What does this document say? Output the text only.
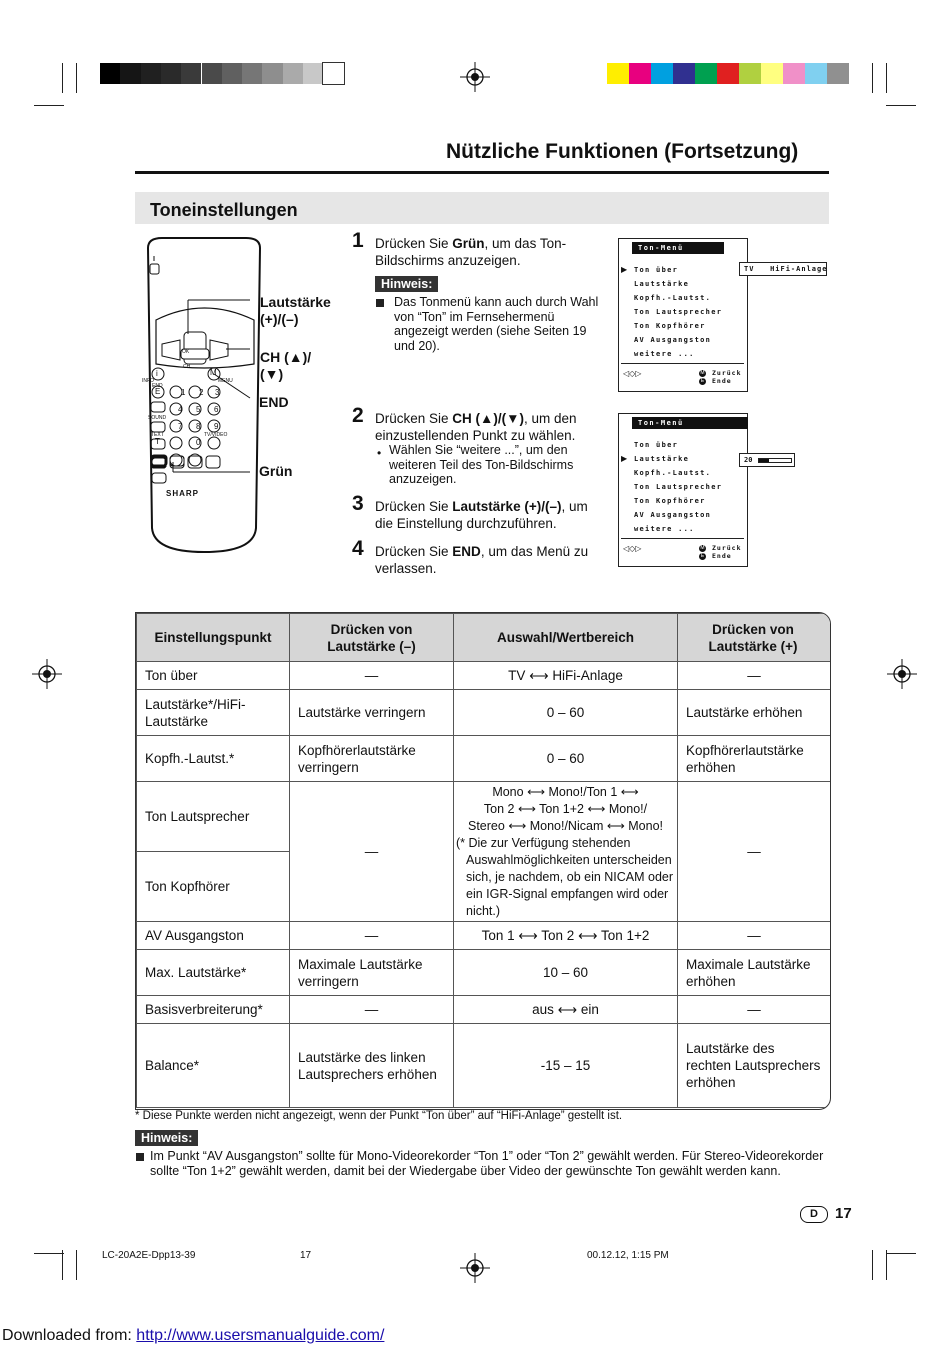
Nützliche Funktionen (Fortsetzung)
Toneinstellungen
SHARP
OK
CH
INFO
END
MENU
SOUND
TEXT	TV/VIDEO
i	M
E
T
1 2 3
4 5 6
7 8 9
0
Lautstärke
(+)/(–)
CH (▲)/
(▼)
END
Grün
1 Drücken Sie Grün, um das Ton-Bildschirms anzuzeigen.
Hinweis:
Das Tonmenü kann auch durch Wahl von “Ton” im Fernsehermenü angezeigt werden (siehe Seiten 19 und 20).
2 Drücken Sie CH (▲)/(▼), um den einzustellenden Punkt zu wählen.
• Wählen Sie “weitere ...”, um den weiteren Teil des Ton-Bildschirms anzuzeigen.
3 Drücken Sie Lautstärke (+)/(–), um die Einstellung durchzuführen.
4 Drücken Sie END, um das Menü zu verlassen.
Ton-Menü
▶ Ton über
Lautstärke
Kopfh.-Lautst.
Ton Lautsprecher
Ton Kopfhörer
AV Ausgangston
weitere ...
◁◇▷	M
E
Zurück
Ende
TV   HiFi-Anlage
Ton-Menü
Ton über
▶ Lautstärke
Kopfh.-Lautst.
Ton Lautsprecher
Ton Kopfhörer
AV Ausgangston
weitere ...
◁◇▷	M
E
Zurück
Ende
20
Einstellungspunkt	Drücken von Lautstärke (–)	Auswahl/Wertbereich	Drücken von Lautstärke (+)
Ton über	—	TV ⟷ HiFi-Anlage	—
Lautstärke*/HiFi-Lautstärke	Lautstärke verringern	0 – 60	Lautstärke erhöhen
Kopfh.-Lautst.*	Kopfhörerlautstärke verringern	0 – 60	Kopfhörerlautstärke erhöhen
Ton Lautsprecher	—	Mono ⟷ Mono!/Ton 1 ⟷
Ton 2 ⟷ Ton 1+2 ⟷ Mono!/
Stereo ⟷ Mono!/Nicam ⟷ Mono!
(* Die zur Verfügung stehenden Auswahlmöglichkeiten unterscheiden sich, je nachdem, ob ein NICAM oder ein IGR-Signal empfangen wird oder nicht.)	—
Ton Kopfhörer			
AV Ausgangston	—	Ton 1 ⟷ Ton 2 ⟷ Ton 1+2	—
Max. Lautstärke*	Maximale Lautstärke verringern	10 – 60	Maximale Lautstärke erhöhen
Basisverbreiterung*	—	aus ⟷ ein	—
Balance*	Lautstärke des linken Lautsprechers erhöhen	-15 – 15	Lautstärke des rechten Lautsprechers erhöhen
* Diese Punkte werden nicht angezeigt, wenn der Punkt “Ton über” auf “HiFi-Anlage” gestellt ist.
Hinweis:
Im Punkt “AV Ausgangston” sollte für Mono-Videorekorder “Ton 1” oder “Ton 2” gewählt werden. Für Stereo-Videorekorder sollte “Ton 1+2” gewählt werden, damit bei der Wiedergabe über Video der gewünschte Ton gewählt werden kann.
D	17
LC-20A2E-Dpp13-39	17	00.12.12, 1:15 PM
Downloaded from: http://www.usersmanualguide.com/
